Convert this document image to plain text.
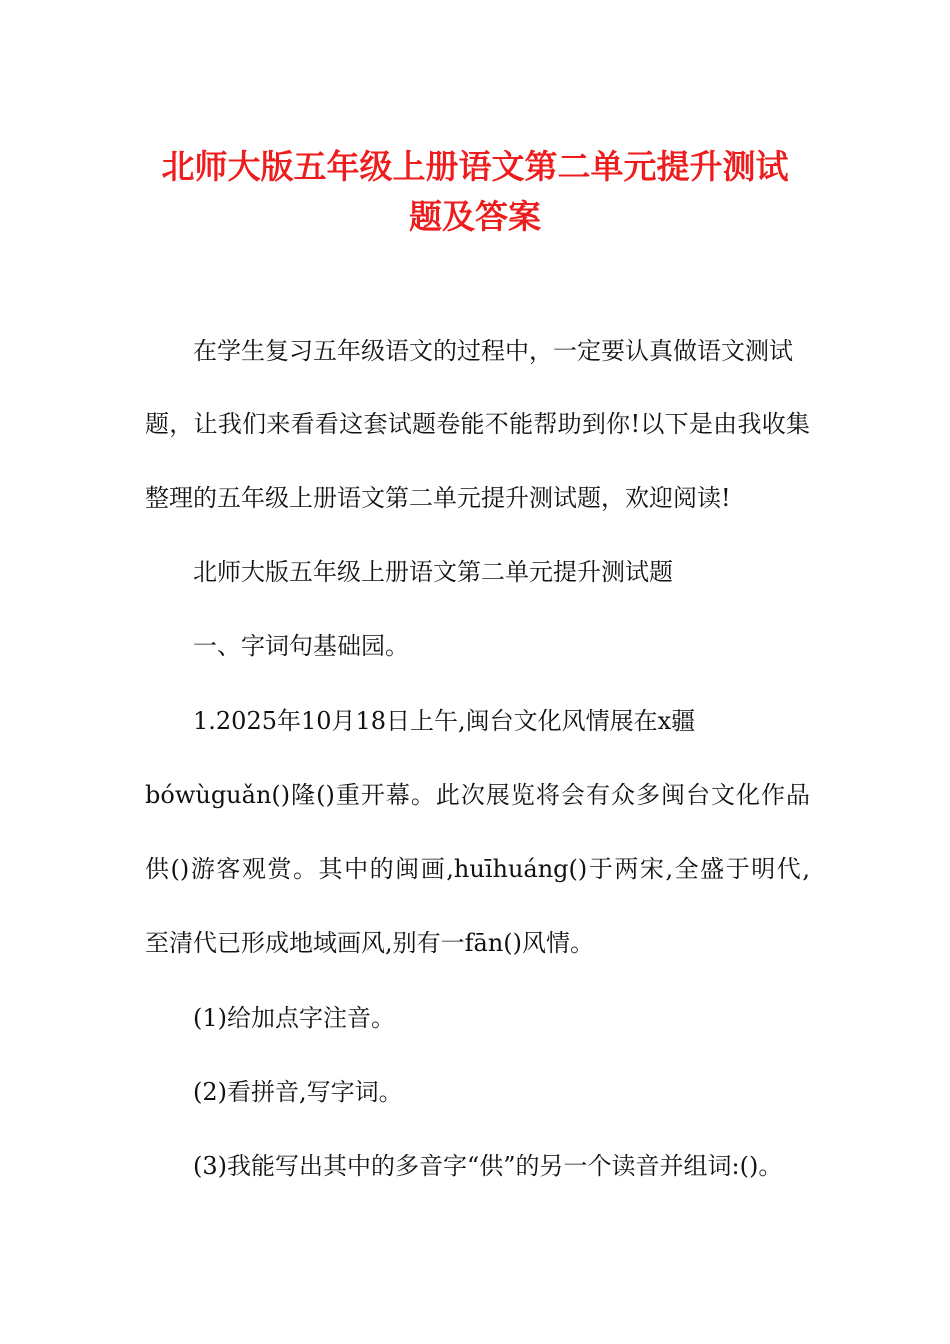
北师大版五年级上册语文第二单元提升测试
题及答案
在学生复习五年级语文的过程中，一定要认真做语文测试
题，让我们来看看这套试题卷能不能帮助到你!以下是由我收集
整理的五年级上册语文第二单元提升测试题，欢迎阅读!
北师大版五年级上册语文第二单元提升测试题
一、字词句基础园。
1.2025年10月18日上午,闽台文化风情展在x疆
bówùguǎn()隆()重开幕。此次展览将会有众多闽台文化作品
供()游客观赏。其中的闽画,huīhuáng()于两宋,全盛于明代,
至清代已形成地域画风,别有一fān()风情。
(1)给加点字注音。
(2)看拼音,写字词。
(3)我能写出其中的多音字“供”的另一个读音并组词:()。
